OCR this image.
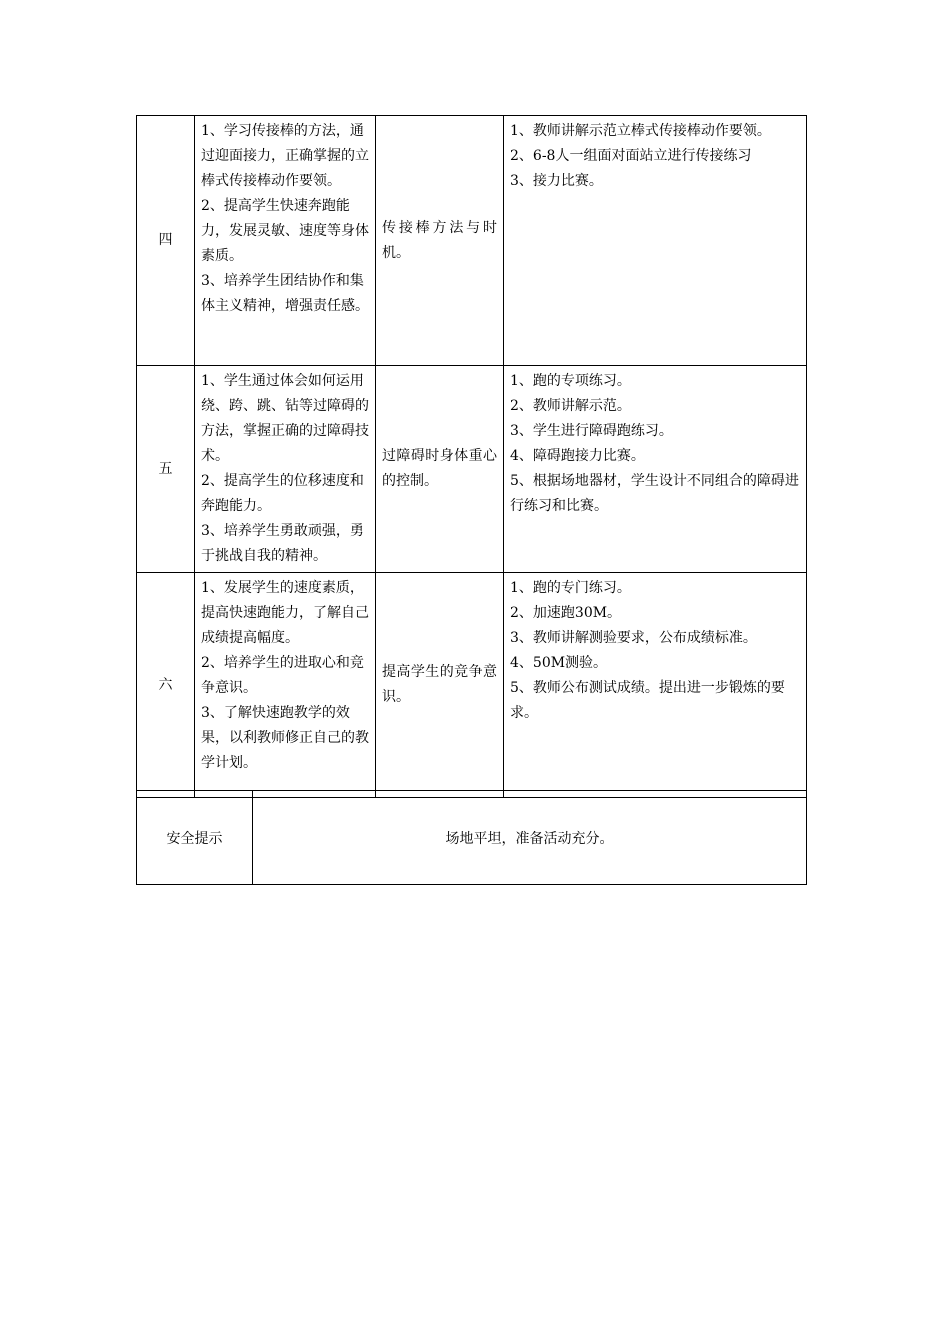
四	1、学习传接棒的方法，通过迎面接力，正确掌握的立棒式传接棒动作要领。
2、提高学生快速奔跑能力，发展灵敏、速度等身体素质。
3、培养学生团结协作和集体主义精神，增强责任感。	传接棒方法与时机。	1、教师讲解示范立棒式传接棒动作要领。
2、6-8人一组面对面站立进行传接练习
3、接力比赛。

五	1、学生通过体会如何运用绕、跨、跳、钻等过障碍的方法，掌握正确的过障碍技术。
2、提高学生的位移速度和奔跑能力。
3、培养学生勇敢顽强，勇于挑战自我的精神。	过障碍时身体重心的控制。	1、跑的专项练习。
2、教师讲解示范。
3、学生进行障碍跑练习。
4、障碍跑接力比赛。
5、根据场地器材，学生设计不同组合的障碍进行练习和比赛。

六	1、发展学生的速度素质，提高快速跑能力，了解自己成绩提高幅度。
2、培养学生的进取心和竞争意识。
3、了解快速跑教学的效果，以利教师修正自己的教学计划。	提高学生的竞争意识。	1、跑的专门练习。
2、加速跑30M。
3、教师讲解测验要求，公布成绩标准。
4、50M测验。
5、教师公布测试成绩。提出进一步锻炼的要求。
安全提示	场地平坦，准备活动充分。
